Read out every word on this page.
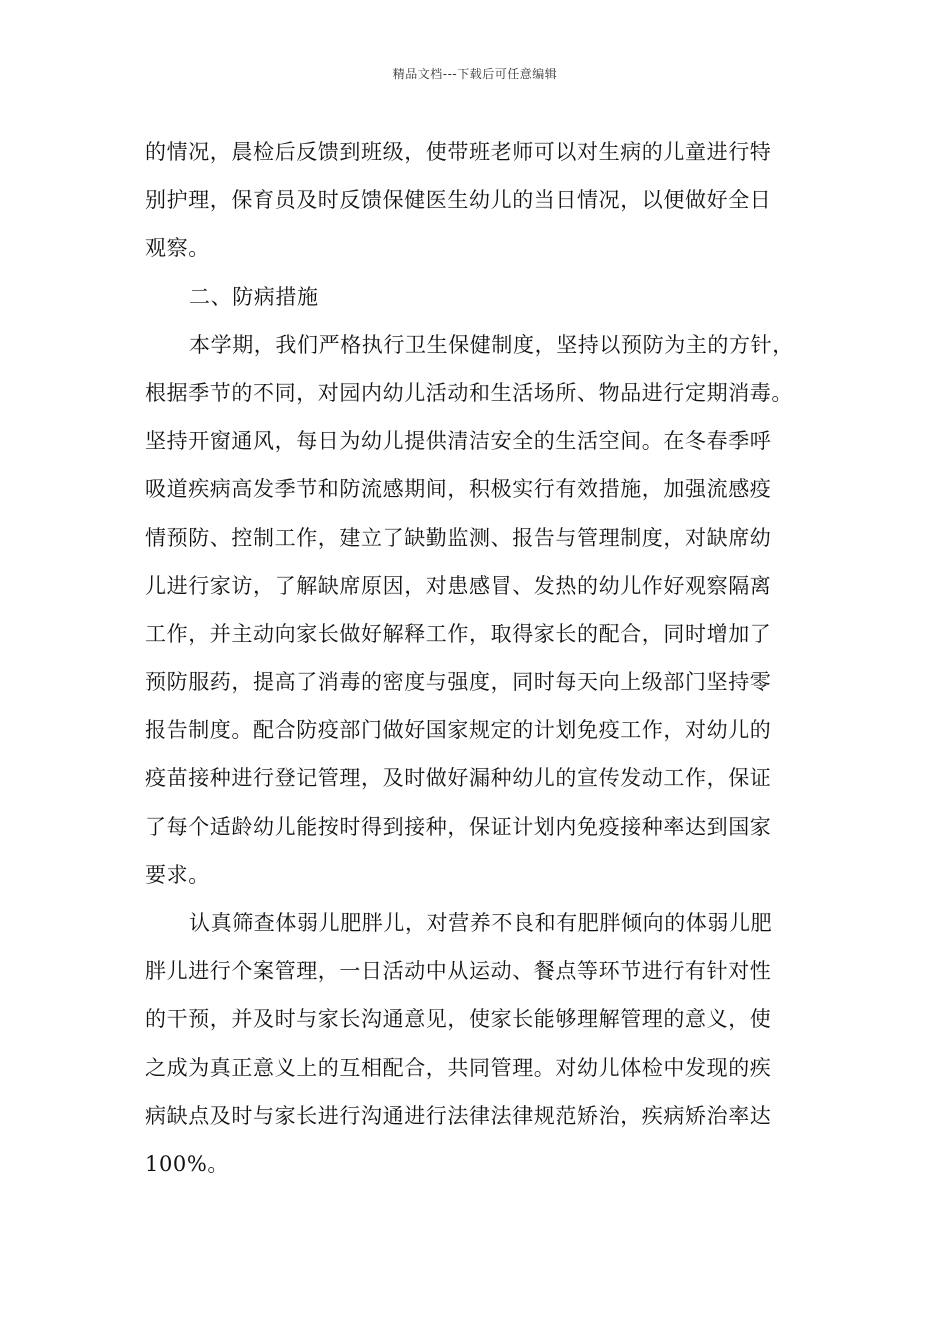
精品文档---下载后可任意编辑
的情况，晨检后反馈到班级，使带班老师可以对生病的儿童进行特
别护理，保育员及时反馈保健医生幼儿的当日情况，以便做好全日
观察。
二、防病措施
本学期，我们严格执行卫生保健制度，坚持以预防为主的方针，
根据季节的不同，对园内幼儿活动和生活场所、物品进行定期消毒。
坚持开窗通风，每日为幼儿提供清洁安全的生活空间。在冬春季呼
吸道疾病高发季节和防流感期间，积极实行有效措施，加强流感疫
情预防、控制工作，建立了缺勤监测、报告与管理制度，对缺席幼
儿进行家访，了解缺席原因，对患感冒、发热的幼儿作好观察隔离
工作，并主动向家长做好解释工作，取得家长的配合，同时增加了
预防服药，提高了消毒的密度与强度，同时每天向上级部门坚持零
报告制度。配合防疫部门做好国家规定的计划免疫工作，对幼儿的
疫苗接种进行登记管理，及时做好漏种幼儿的宣传发动工作，保证
了每个适龄幼儿能按时得到接种，保证计划内免疫接种率达到国家
要求。
认真筛查体弱儿肥胖儿，对营养不良和有肥胖倾向的体弱儿肥
胖儿进行个案管理，一日活动中从运动、餐点等环节进行有针对性
的干预，并及时与家长沟通意见，使家长能够理解管理的意义，使
之成为真正意义上的互相配合，共同管理。对幼儿体检中发现的疾
病缺点及时与家长进行沟通进行法律法律规范矫治，疾病矫治率达
100%。
